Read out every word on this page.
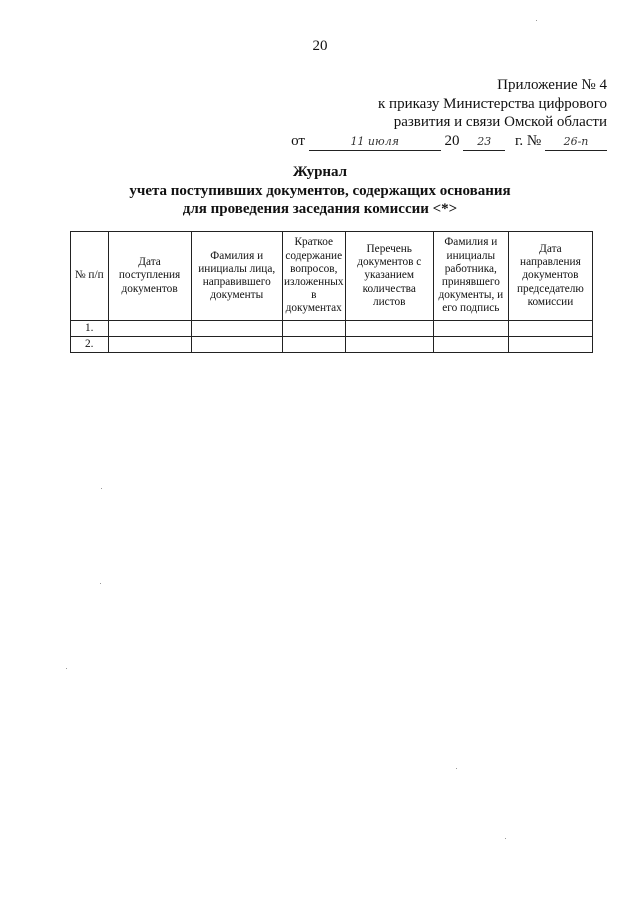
20
Приложение № 4
к приказу Министерства цифрового
развития и связи Омской области
от	11 июля	20 23 г. № 26-п
Журнал
учета поступивших документов, содержащих основания
для проведения заседания комиссии <*>
№ п/п	Дата поступления документов	Фамилия и инициалы лица, направившего документы	Краткое содержание вопросов, изложенных в документах	Перечень документов с указанием количества листов	Фамилия и инициалы работника, принявшего документы, и его подпись	Дата направления документов председателю комиссии
1.						
2.						
